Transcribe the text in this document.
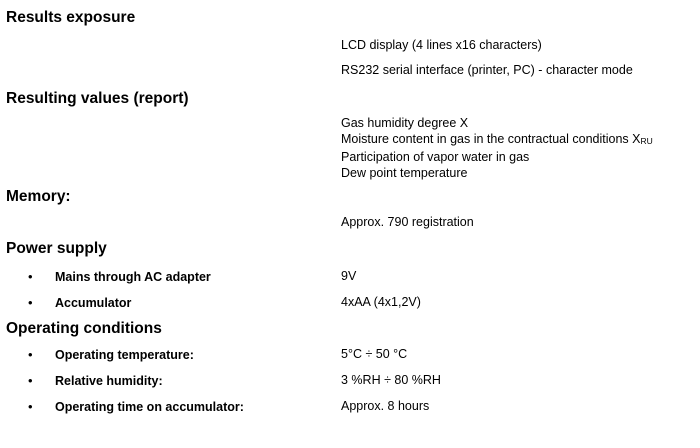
Results exposure
LCD display (4 lines x16 characters)
RS232 serial interface (printer, PC) - character mode
Resulting values (report)
Gas humidity degree X
Moisture content in gas in the contractual conditions XRU
Participation of vapor water in gas
Dew point temperature
Memory:
Approx. 790 registration
Power supply
• Mains through AC adapter	9V
• Accumulator	4xAA (4x1,2V)
Operating conditions
• Operating temperature:	5°C ÷ 50 °C
• Relative humidity:	3 %RH ÷ 80 %RH
• Operating time on accumulator:	Approx. 8 hours
